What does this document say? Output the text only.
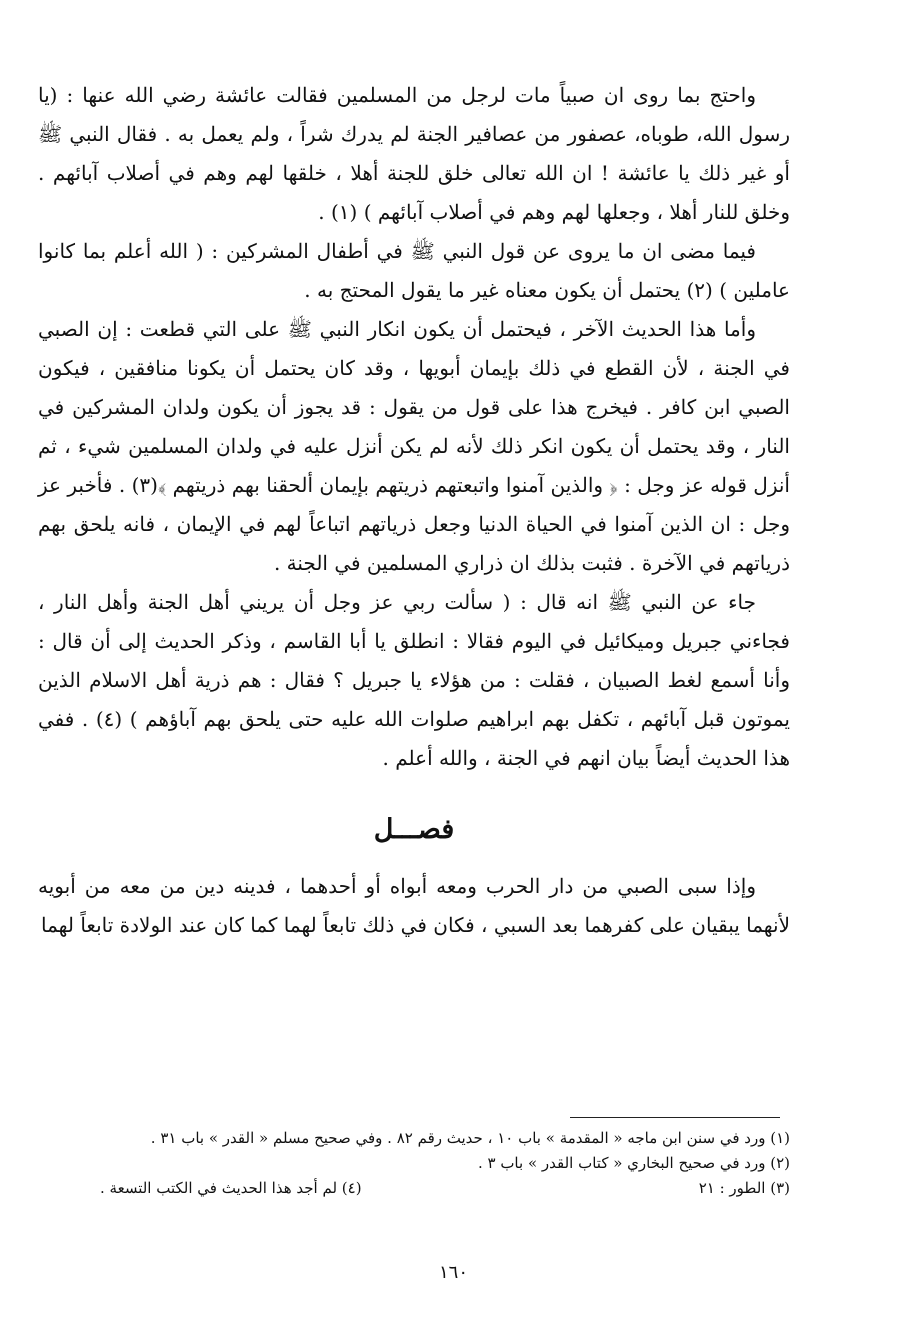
واحتج بما روى ان صبياً مات لرجل من المسلمين فقالت عائشة رضي الله عنها : (يا رسول الله، طوباه، عصفور من عصافير الجنة لم يدرك شراً ، ولم يعمل به . فقال النبي ﷺ أو غير ذلك يا عائشة ! ان الله تعالى خلق للجنة أهلا ، خلقها لهم وهم في أصلاب آبائهم . وخلق للنار أهلا ، وجعلها لهم وهم في أصلاب آبائهم ) (١) .

فيما مضى ان ما يروى عن قول النبي ﷺ في أطفال المشركين : ( الله أعلم بما كانوا عاملين ) (٢) يحتمل أن يكون معناه غير ما يقول المحتج به .

وأما هذا الحديث الآخر ، فيحتمل أن يكون انكار النبي ﷺ على التي قطعت : إن الصبي في الجنة ، لأن القطع في ذلك بإيمان أبويها ، وقد كان يحتمل أن يكونا منافقين ، فيكون الصبي ابن كافر . فيخرج هذا على قول من يقول : قد يجوز أن يكون ولدان المشركين في النار ، وقد يحتمل أن يكون انكر ذلك لأنه لم يكن أنزل عليه في ولدان المسلمين شيء ، ثم أنزل قوله عز وجل : ﴿ والذين آمنوا واتبعتهم ذريتهم بإيمان ألحقنا بهم ذريتهم ﴾(٣) . فأخبر عز وجل : ان الذين آمنوا في الحياة الدنيا وجعل ذرياتهم اتباعاً لهم في الإيمان ، فانه يلحق بهم ذرياتهم في الآخرة . فثبت بذلك ان ذراري المسلمين في الجنة .

جاء عن النبي ﷺ انه قال : ( سألت ربي عز وجل أن يريني أهل الجنة وأهل النار ، فجاءني جبريل وميكائيل في اليوم فقالا : انطلق يا أبا القاسم ، وذكر الحديث إلى أن قال : وأنا أسمع لغط الصبيان ، فقلت : من هؤلاء يا جبريل ؟ فقال : هم ذرية أهل الاسلام الذين يموتون قبل آبائهم ، تكفل بهم ابراهيم صلوات الله عليه حتى يلحق بهم آباؤهم ) (٤) . ففي هذا الحديث أيضاً بيان انهم في الجنة ، والله أعلم .

فصـــل

وإذا سبى الصبي من دار الحرب ومعه أبواه أو أحدهما ، فدينه دين من معه من أبويه لأنهما يبقيان على كفرهما بعد السبي ، فكان في ذلك تابعاً لهما كما كان عند الولادة تابعاً لهما

(١) ورد في سنن ابن ماجه « المقدمة » باب ١٠ ، حديث رقم ٨٢ . وفي صحيح مسلم « القدر » باب ٣١ .
(٢) ورد في صحيح البخاري « كتاب القدر » باب ٣ .
(٣) الطور : ٢١
(٤) لم أجد هذا الحديث في الكتب التسعة .
١٦٠
